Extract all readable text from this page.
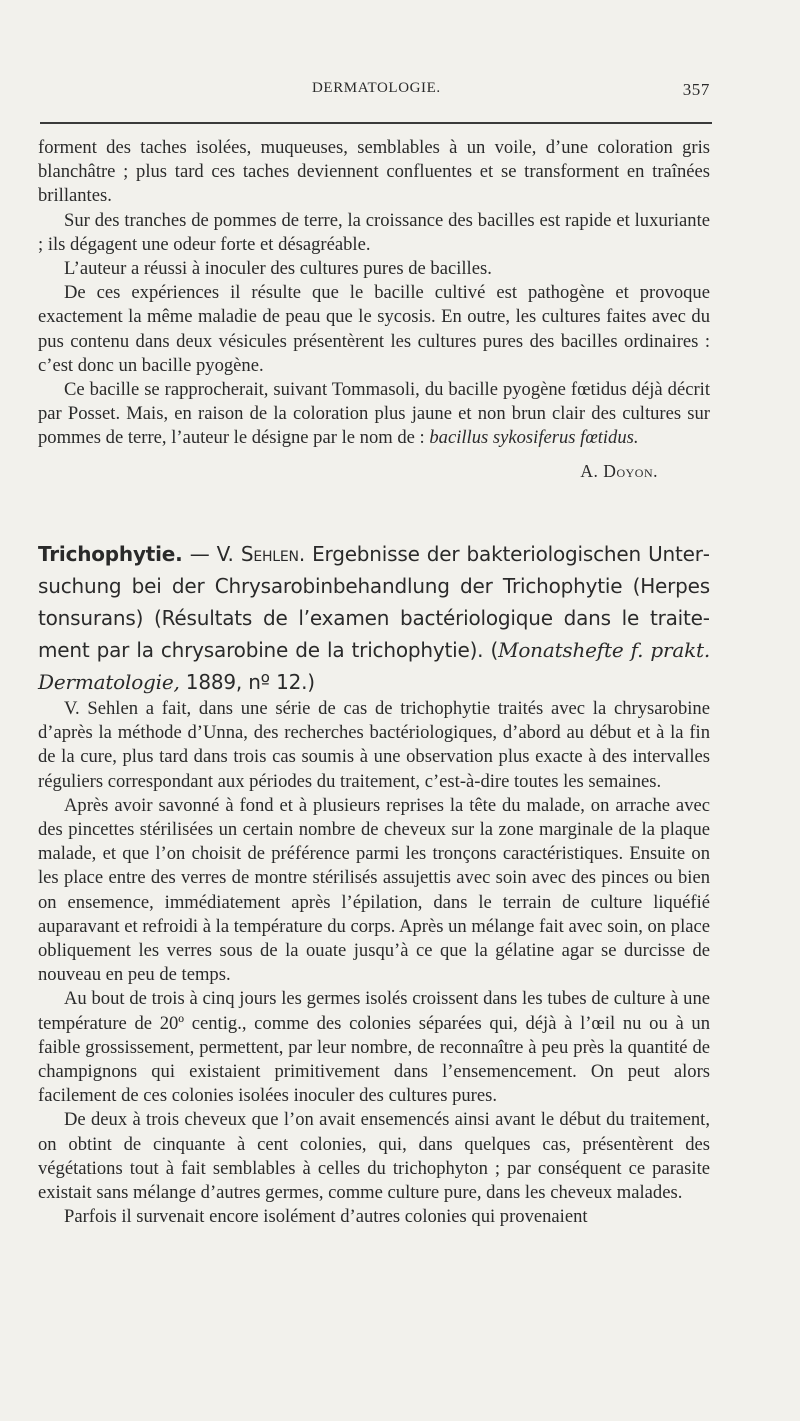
DERMATOLOGIE.	357

forment des taches isolées, muqueuses, semblables à un voile, d’une coloration gris blanchâtre ; plus tard ces taches deviennent confluentes et se transforment en traînées brillantes.

Sur des tranches de pommes de terre, la croissance des bacilles est rapide et luxuriante ; ils dégagent une odeur forte et désagréable.

L’auteur a réussi à inoculer des cultures pures de bacilles.

De ces expériences il résulte que le bacille cultivé est pathogène et provoque exactement la même maladie de peau que le sycosis. En outre, les cultures faites avec du pus contenu dans deux vésicules présentèrent les cultures pures des bacilles ordinaires : c’est donc un bacille pyogène.

Ce bacille se rapprocherait, suivant Tommasoli, du bacille pyogène fœtidus déjà décrit par Posset. Mais, en raison de la coloration plus jaune et non brun clair des cultures sur pommes de terre, l’auteur le désigne par le nom de : bacillus sykosiferus fœtidus.

A. Doyon.

Trichophytie. — V. Sehlen. Ergebnisse der bakteriologischen Untersuchung bei der Chrysarobinbehandlung der Trichophytie (Herpes tonsurans) (Résultats de l’examen bactériologique dans le traitement par la chrysarobine de la trichophytie). (Monatshefte f. prakt. Dermatologie, 1889, nº 12.)

V. Sehlen a fait, dans une série de cas de trichophytie traités avec la chrysarobine d’après la méthode d’Unna, des recherches bactériologiques, d’abord au début et à la fin de la cure, plus tard dans trois cas soumis à une observation plus exacte à des intervalles réguliers correspondant aux périodes du traitement, c’est-à-dire toutes les semaines.

Après avoir savonné à fond et à plusieurs reprises la tête du malade, on arrache avec des pincettes stérilisées un certain nombre de cheveux sur la zone marginale de la plaque malade, et que l’on choisit de préférence parmi les tronçons caractéristiques. Ensuite on les place entre des verres de montre stérilisés assujettis avec soin avec des pinces ou bien on ensemence, immédiatement après l’épilation, dans le terrain de culture liquéfié auparavant et refroidi à la température du corps. Après un mélange fait avec soin, on place obliquement les verres sous de la ouate jusqu’à ce que la gélatine agar se durcisse de nouveau en peu de temps.

Au bout de trois à cinq jours les germes isolés croissent dans les tubes de culture à une température de 20º centig., comme des colonies séparées qui, déjà à l’œil nu ou à un faible grossissement, permettent, par leur nombre, de reconnaître à peu près la quantité de champignons qui existaient primitivement dans l’ensemencement. On peut alors facilement de ces colonies isolées inoculer des cultures pures.

De deux à trois cheveux que l’on avait ensemencés ainsi avant le début du traitement, on obtint de cinquante à cent colonies, qui, dans quelques cas, présentèrent des végétations tout à fait semblables à celles du trichophyton ; par conséquent ce parasite existait sans mélange d’autres germes, comme culture pure, dans les cheveux malades.

Parfois il survenait encore isolément d’autres colonies qui provenaient
